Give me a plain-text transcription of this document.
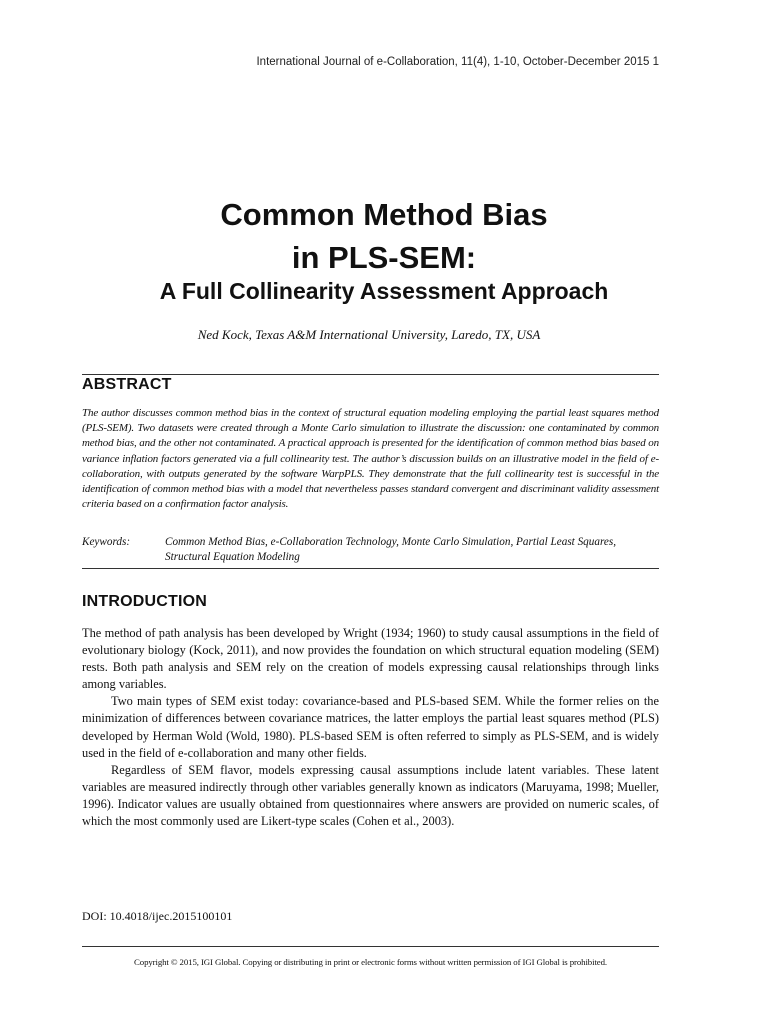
International Journal of e-Collaboration, 11(4), 1-10, October-December 2015 1
Common Method Bias
in PLS-SEM:
A Full Collinearity Assessment Approach
Ned Kock, Texas A&M International University, Laredo, TX, USA
ABSTRACT
The author discusses common method bias in the context of structural equation modeling employing the partial least squares method (PLS-SEM). Two datasets were created through a Monte Carlo simulation to illustrate the discussion: one contaminated by common method bias, and the other not contaminated. A practical approach is presented for the identification of common method bias based on variance inflation factors generated via a full collinearity test. The author’s discussion builds on an illustrative model in the field of e-collaboration, with outputs generated by the software WarpPLS. They demonstrate that the full collinearity test is successful in the identification of common method bias with a model that nevertheless passes standard convergent and discriminant validity assessment criteria based on a confirmation factor analysis.
Keywords:	Common Method Bias, e-Collaboration Technology, Monte Carlo Simulation, Partial Least Squares, Structural Equation Modeling
INTRODUCTION

The method of path analysis has been developed by Wright (1934; 1960) to study causal assumptions in the field of evolutionary biology (Kock, 2011), and now provides the foundation on which structural equation modeling (SEM) rests. Both path analysis and SEM rely on the creation of models expressing causal relationships through links among variables.

Two main types of SEM exist today: covariance-based and PLS-based SEM. While the former relies on the minimization of differences between covariance matrices, the latter employs the partial least squares method (PLS) developed by Herman Wold (Wold, 1980). PLS-based SEM is often referred to simply as PLS-SEM, and is widely used in the field of e-collaboration and many other fields.

Regardless of SEM flavor, models expressing causal assumptions include latent variables. These latent variables are measured indirectly through other variables generally known as indicators (Maruyama, 1998; Mueller, 1996). Indicator values are usually obtained from questionnaires where answers are provided on numeric scales, of which the most commonly used are Likert-type scales (Cohen et al., 2003).

DOI: 10.4018/ijec.2015100101
Copyright © 2015, IGI Global. Copying or distributing in print or electronic forms without written permission of IGI Global is prohibited.
